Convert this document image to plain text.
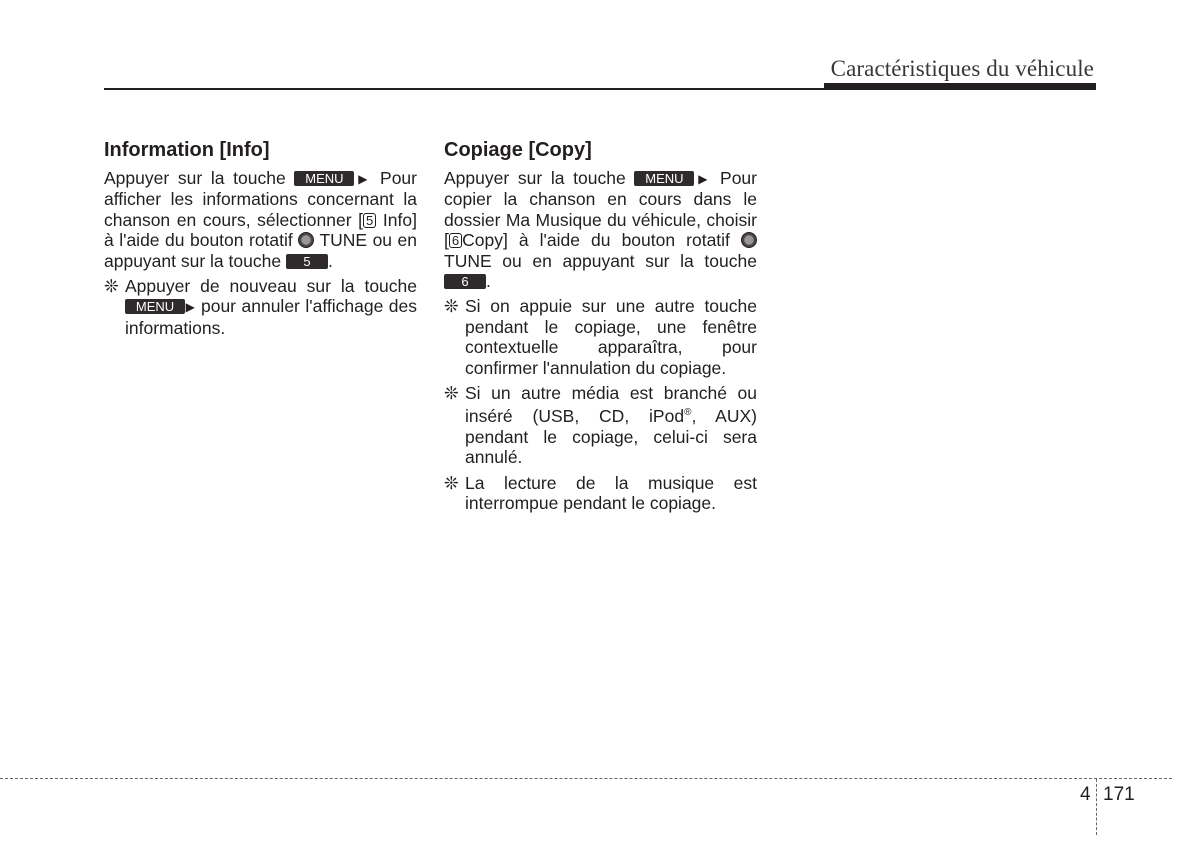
Caractéristiques du véhicule
Information [Info]
Appuyer sur la touche MENU ▶ Pour afficher les informations concernant la chanson en cours, sélectionner [ 5 Info] à l'aide du bouton rotatif TUNE ou en appuyant sur la touche 5 .
❊ Appuyer de nouveau sur la touche MENU ▶ pour annuler l'affichage des informations.
Copiage [Copy]
Appuyer sur la touche MENU ▶ Pour copier la chanson en cours dans le dossier Ma Musique du véhicule, choisir [ 6 Copy] à l'aide du bouton rotatif  TUNE ou en appuyant sur la touche 6 .
❊ Si on appuie sur une autre touche pendant le copiage, une fenêtre contextuelle apparaîtra, pour confirmer l'annulation du copiage.
❊ Si un autre média est branché ou inséré (USB, CD, iPod®, AUX) pendant le copiage, celui-ci sera annulé.
❊ La lecture de la musique est interrompue pendant le copiage.
4 171
